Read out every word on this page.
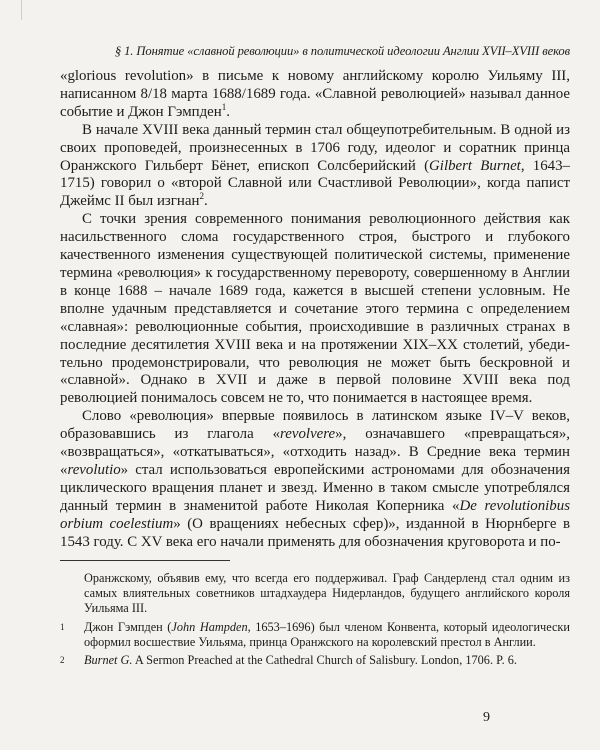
§ 1. Понятие «славной революции» в политической идеологии Англии XVII–XVIII веков

«glorious revolution» в письме к новому английскому королю Уильяму III, написанном 8/18 марта 1688/1689 года. «Славной революцией» называл данное событие и Джон Гэмпден$^1$.

В начале XVIII века данный термин стал общеупотребительным. В одной из своих проповедей, произнесенных в 1706 году, идеолог и соратник принца Оранжского Гильберт Бёнет, епископ Солсберийский (Gilbert Burnet, 1643–1715) говорил о «второй Славной или Счастливой Революции», когда папист Джеймс II был изгнан$^2$.

С точки зрения современного понимания революционного действия как насильственного слома государственного строя, быстрого и глубокого качественного изменения существующей политической системы, применение термина «революция» к государственному перевороту, совершенному в Англии в конце 1688 – начале 1689 года, кажется в высшей степени условным. Не вполне удачным представляется и сочетание этого термина с определением «славная»: революционные события, происходившие в различных странах в последние десятилетия XVIII века и на протяжении XIX–XX столетий, убедительно продемонстрировали, что революция не может быть бескровной и «славной». Однако в XVII и даже в первой половине XVIII века под революцией понималось совсем не то, что понимается в настоящее время.

Слово «революция» впервые появилось в латинском языке IV–V веков, образовавшись из глагола «revolvere», означавшего «превращаться», «возвращаться», «откатываться», «отходить назад». В Средние века термин «revolutio» стал использоваться европейскими астрономами для обозначения циклического вращения планет и звезд. Именно в таком смысле употреблялся данный термин в знаменитой работе Николая Коперника «De revolutionibus orbium coelestium» (О вращениях небесных сфер)», изданной в Нюрнберге в 1543 году. С XV века его начали применять для обозначения круговорота и по-

Оранжскому, объявив ему, что всегда его поддерживал. Граф Сандерленд стал одним из самых влиятельных советников штадхаудера Нидерландов, будущего английского короля Уильяма III.

1 Джон Гэмпден (John Hampden, 1653–1696) был членом Конвента, который идеологически оформил восшествие Уильяма, принца Оранжского на королевский престол в Англии.

2 Burnet G. A Sermon Preached at the Cathedral Church of Salisbury. London, 1706. P. 6.

9
